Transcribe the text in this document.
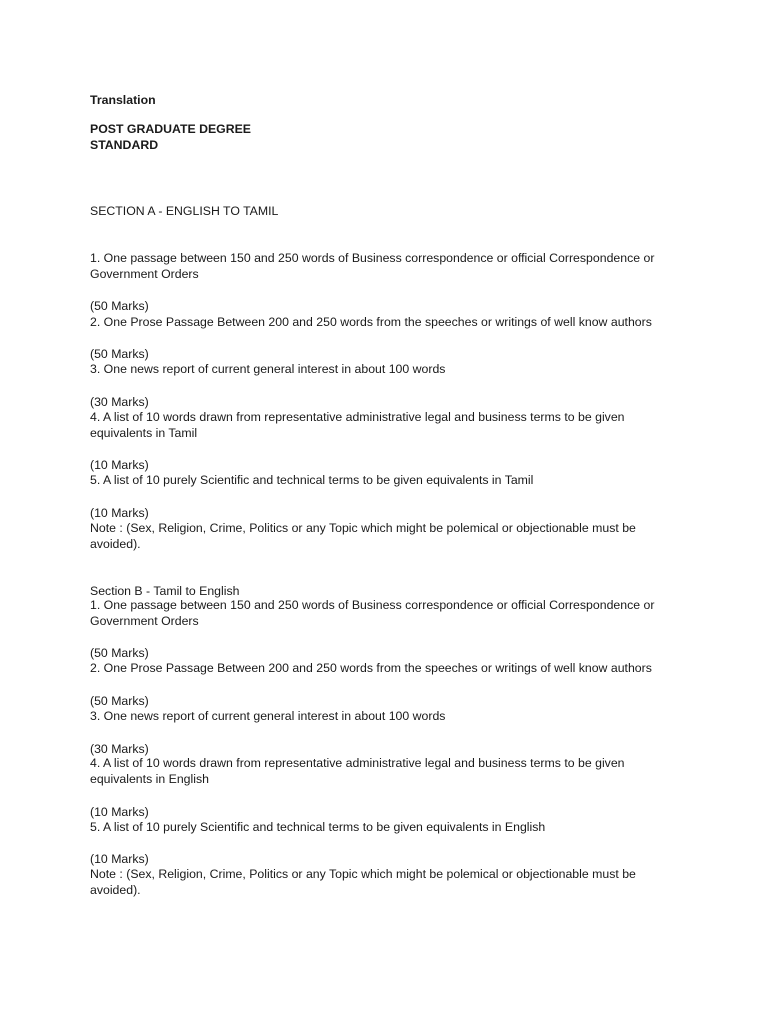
Translation
POST GRADUATE DEGREE
STANDARD
SECTION A - ENGLISH TO TAMIL
1. One passage between 150 and 250 words of Business correspondence or official Correspondence or
Government Orders
(50 Marks)
2. One Prose Passage Between 200 and 250 words from the speeches or writings of well know authors
(50 Marks)
3. One news report of current general interest in about 100 words
(30 Marks)
4. A list of 10 words drawn from representative administrative legal and business terms to be given
equivalents in Tamil
(10 Marks)
5. A list of 10 purely Scientific and technical terms to be given equivalents in Tamil
(10 Marks)
Note : (Sex, Religion, Crime, Politics or any Topic which might be polemical or objectionable must be
avoided).
Section B - Tamil to English
1. One passage between 150 and 250 words of Business correspondence or official Correspondence or
Government Orders
(50 Marks)
2. One Prose Passage Between 200 and 250 words from the speeches or writings of well know authors
(50 Marks)
3. One news report of current general interest in about 100 words
(30 Marks)
4. A list of 10 words drawn from representative administrative legal and business terms to be given
equivalents in English
(10 Marks)
5. A list of 10 purely Scientific and technical terms to be given equivalents in English
(10 Marks)
Note : (Sex, Religion, Crime, Politics or any Topic which might be polemical or objectionable must be
avoided).
